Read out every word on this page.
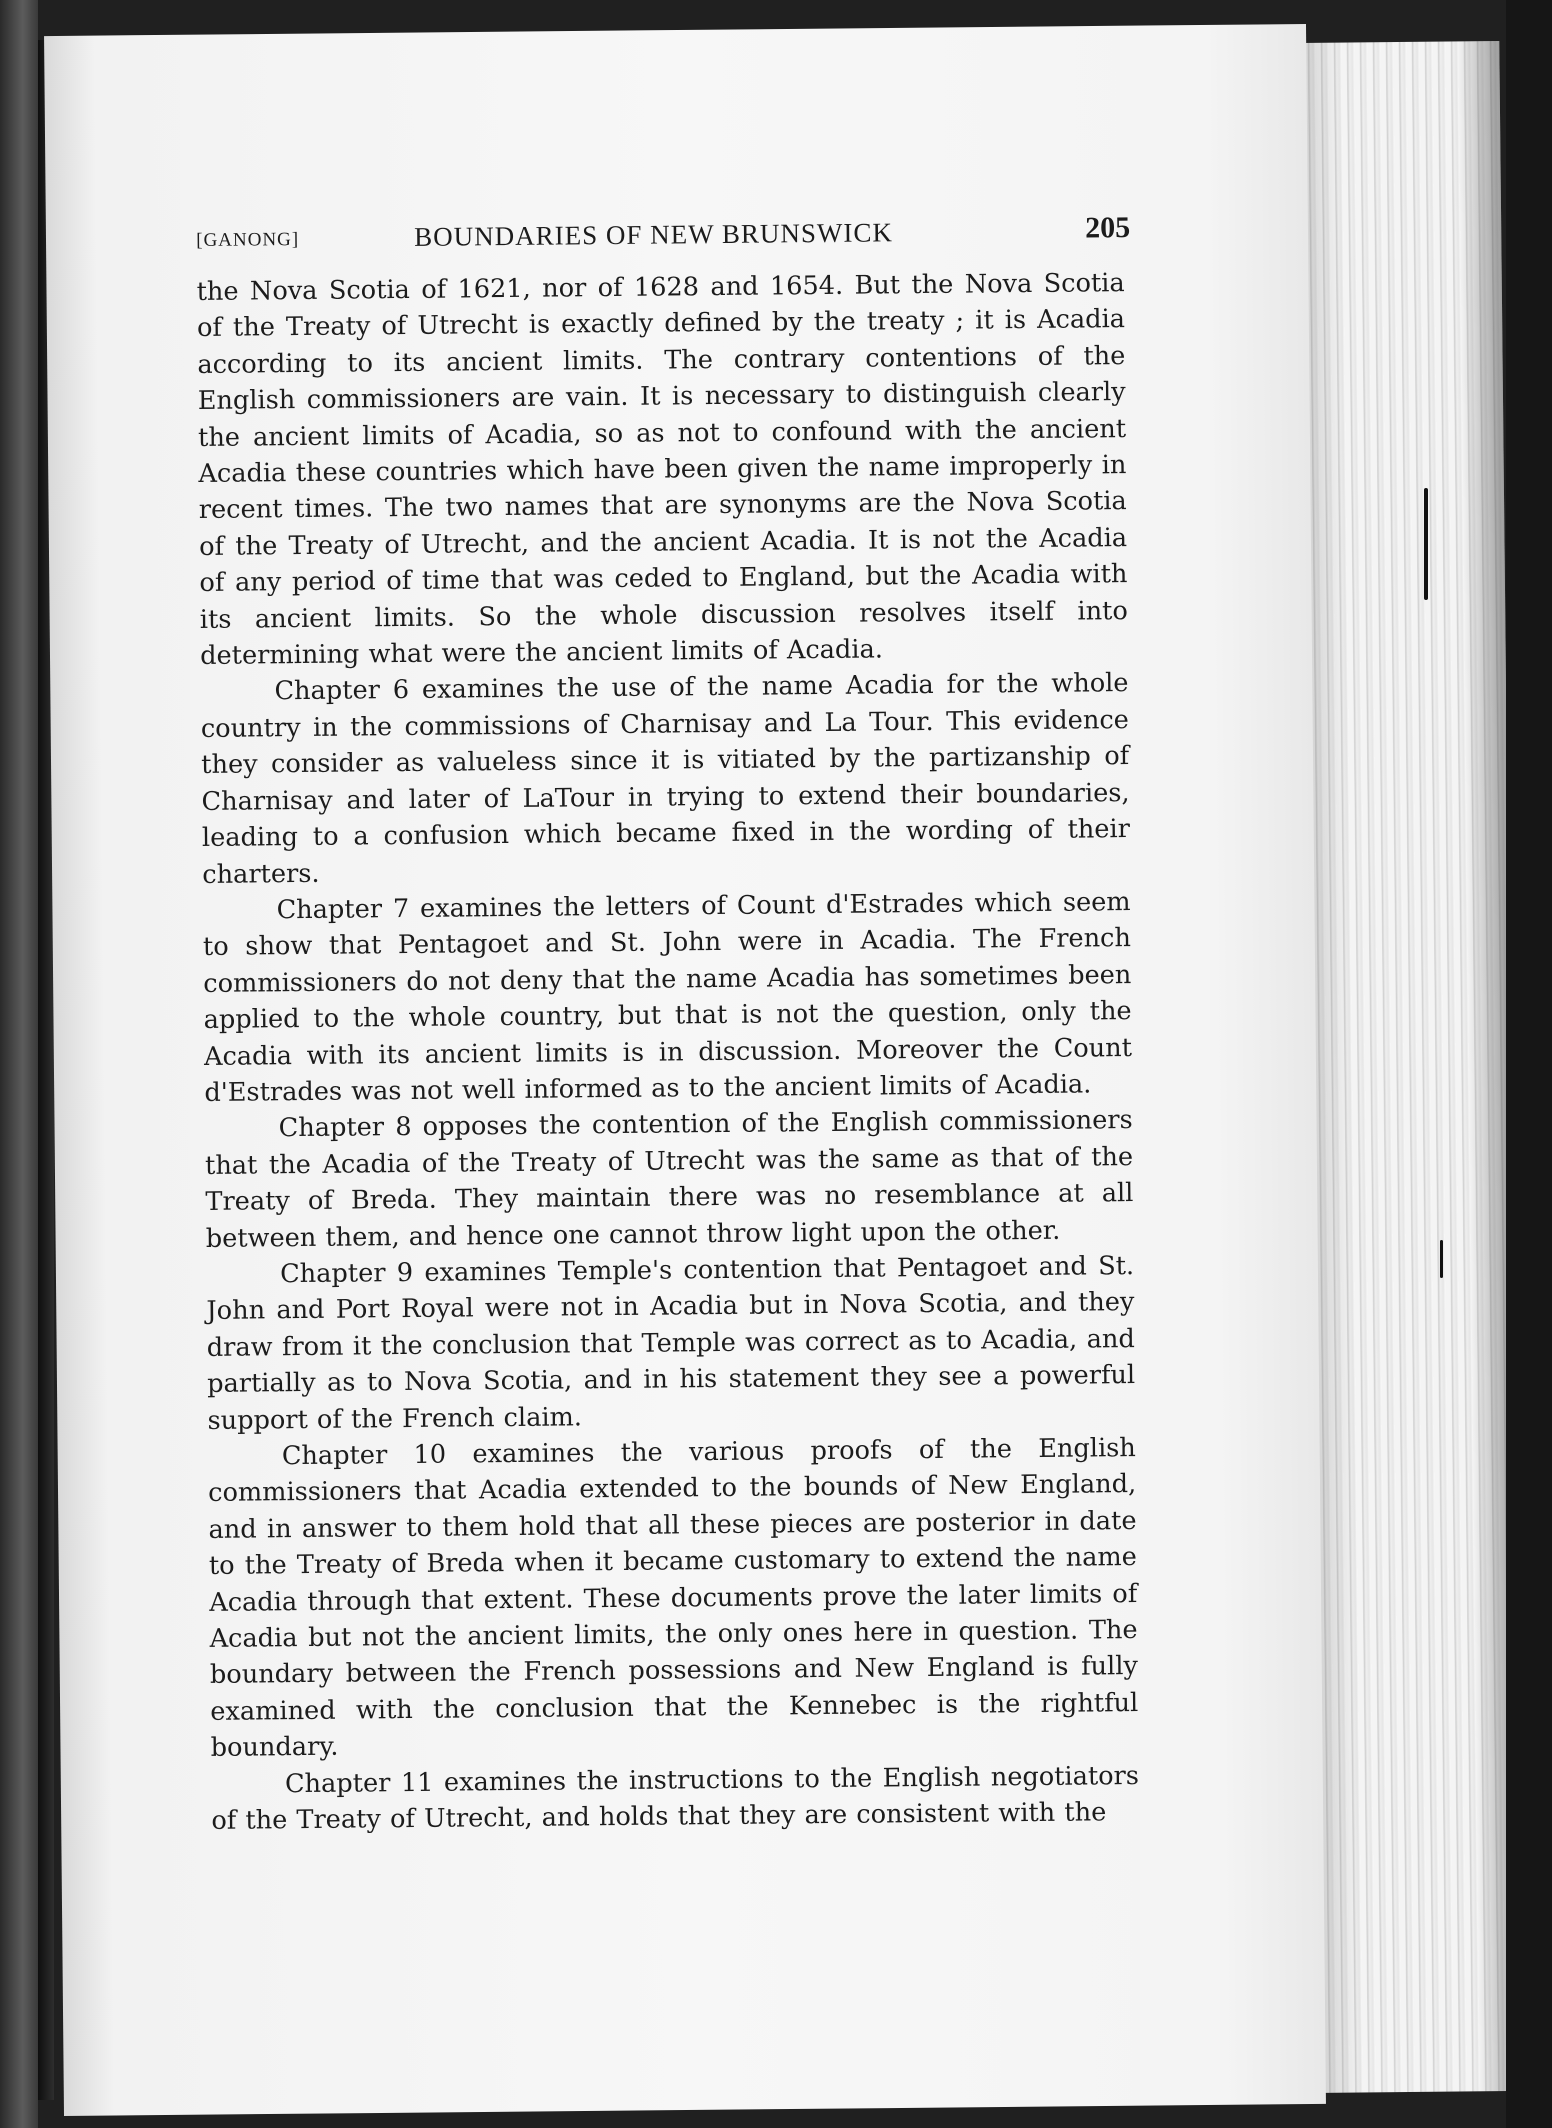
[GANONG]	BOUNDARIES OF NEW BRUNSWICK	205

the Nova Scotia of 1621, nor of 1628 and 1654. But the Nova Scotia of the Treaty of Utrecht is exactly defined by the treaty ; it is Acadia according to its ancient limits. The contrary contentions of the English commissioners are vain. It is necessary to distinguish clearly the ancient limits of Acadia, so as not to confound with the ancient Acadia these countries which have been given the name improperly in recent times. The two names that are synonyms are the Nova Scotia of the Treaty of Utrecht, and the ancient Acadia. It is not the Acadia of any period of time that was ceded to England, but the Acadia with its ancient limits. So the whole discussion resolves itself into determining what were the ancient limits of Acadia.

Chapter 6 examines the use of the name Acadia for the whole country in the commissions of Charnisay and La Tour. This evidence they consider as valueless since it is vitiated by the partizanship of Charnisay and later of LaTour in trying to extend their boundaries, leading to a confusion which became fixed in the wording of their charters.

Chapter 7 examines the letters of Count d'Estrades which seem to show that Pentagoet and St. John were in Acadia. The French commissioners do not deny that the name Acadia has sometimes been applied to the whole country, but that is not the question, only the Acadia with its ancient limits is in discussion. Moreover the Count d'Estrades was not well informed as to the ancient limits of Acadia.

Chapter 8 opposes the contention of the English commissioners that the Acadia of the Treaty of Utrecht was the same as that of the Treaty of Breda. They maintain there was no resemblance at all between them, and hence one cannot throw light upon the other.

Chapter 9 examines Temple's contention that Pentagoet and St. John and Port Royal were not in Acadia but in Nova Scotia, and they draw from it the conclusion that Temple was correct as to Acadia, and partially as to Nova Scotia, and in his statement they see a powerful support of the French claim.

Chapter 10 examines the various proofs of the English commissioners that Acadia extended to the bounds of New England, and in answer to them hold that all these pieces are posterior in date to the Treaty of Breda when it became customary to extend the name Acadia through that extent. These documents prove the later limits of Acadia but not the ancient limits, the only ones here in question. The boundary between the French possessions and New England is fully examined with the conclusion that the Kennebec is the rightful boundary.

Chapter 11 examines the instructions to the English negotiators of the Treaty of Utrecht, and holds that they are consistent with the
